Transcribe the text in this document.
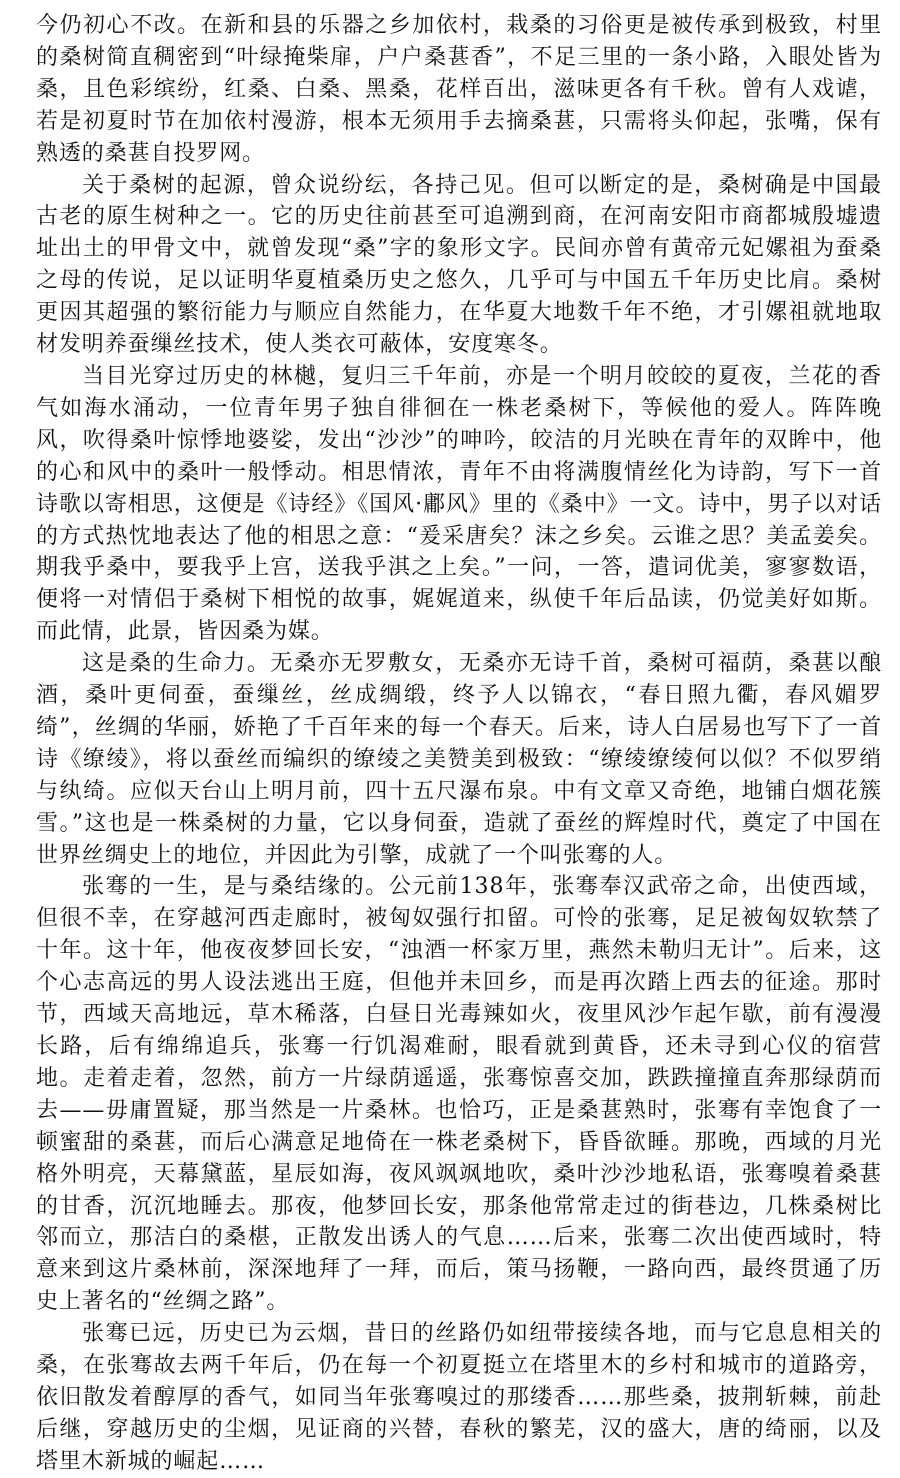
今仍初心不改。在新和县的乐器之乡加依村，栽桑的习俗更是被传承到极致，村里的桑树简直稠密到“叶绿掩柴扉，户户桑葚香”，不足三里的一条小路，入眼处皆为桑，且色彩缤纷，红桑、白桑、黑桑，花样百出，滋味更各有千秋。曾有人戏谑，若是初夏时节在加依村漫游，根本无须用手去摘桑葚，只需将头仰起，张嘴，保有熟透的桑葚自投罗网。

关于桑树的起源，曾众说纷纭，各持己见。但可以断定的是，桑树确是中国最古老的原生树种之一。它的历史往前甚至可追溯到商，在河南安阳市商都城殷墟遗址出土的甲骨文中，就曾发现“桑”字的象形文字。民间亦曾有黄帝元妃嫘祖为蚕桑之母的传说，足以证明华夏植桑历史之悠久，几乎可与中国五千年历史比肩。桑树更因其超强的繁衍能力与顺应自然能力，在华夏大地数千年不绝，才引嫘祖就地取材发明养蚕缫丝技术，使人类衣可蔽体，安度寒冬。

当目光穿过历史的林樾，复归三千年前，亦是一个明月皎皎的夏夜，兰花的香气如海水涌动，一位青年男子独自徘徊在一株老桑树下，等候他的爱人。阵阵晚风，吹得桑叶惊悸地婆娑，发出“沙沙”的呻吟，皎洁的月光映在青年的双眸中，他的心和风中的桑叶一般悸动。相思情浓，青年不由将满腹情丝化为诗韵，写下一首诗歌以寄相思，这便是《诗经》《国风·鄘风》里的《桑中》一文。诗中，男子以对话的方式热忱地表达了他的相思之意：“爰采唐矣？沫之乡矣。云谁之思？美孟姜矣。期我乎桑中，要我乎上宫，送我乎淇之上矣。”一问，一答，遣词优美，寥寥数语，便将一对情侣于桑树下相悦的故事，娓娓道来，纵使千年后品读，仍觉美好如斯。而此情，此景，皆因桑为媒。

这是桑的生命力。无桑亦无罗敷女，无桑亦无诗千首，桑树可福荫，桑葚以酿酒，桑叶更伺蚕，蚕缫丝，丝成绸缎，终予人以锦衣，“春日照九衢，春风媚罗绮”，丝绸的华丽，娇艳了千百年来的每一个春天。后来，诗人白居易也写下了一首诗《缭绫》，将以蚕丝而编织的缭绫之美赞美到极致：“缭绫缭绫何以似？不似罗绡与纨绮。应似天台山上明月前，四十五尺瀑布泉。中有文章又奇绝，地铺白烟花簇雪。”这也是一株桑树的力量，它以身伺蚕，造就了蚕丝的辉煌时代，奠定了中国在世界丝绸史上的地位，并因此为引擎，成就了一个叫张骞的人。

张骞的一生，是与桑结缘的。公元前138年，张骞奉汉武帝之命，出使西域，但很不幸，在穿越河西走廊时，被匈奴强行扣留。可怜的张骞，足足被匈奴软禁了十年。这十年，他夜夜梦回长安，“浊酒一杯家万里，燕然未勒归无计”。后来，这个心志高远的男人设法逃出王庭，但他并未回乡，而是再次踏上西去的征途。那时节，西域天高地远，草木稀落，白昼日光毒辣如火，夜里风沙乍起乍歇，前有漫漫长路，后有绵绵追兵，张骞一行饥渴难耐，眼看就到黄昏，还未寻到心仪的宿营地。走着走着，忽然，前方一片绿荫遥遥，张骞惊喜交加，跌跌撞撞直奔那绿荫而去——毋庸置疑，那当然是一片桑林。也恰巧，正是桑葚熟时，张骞有幸饱食了一顿蜜甜的桑葚，而后心满意足地倚在一株老桑树下，昏昏欲睡。那晚，西域的月光格外明亮，天幕黛蓝，星辰如海，夜风飒飒地吹，桑叶沙沙地私语，张骞嗅着桑葚的甘香，沉沉地睡去。那夜，他梦回长安，那条他常常走过的街巷边，几株桑树比邻而立，那洁白的桑椹，正散发出诱人的气息……后来，张骞二次出使西域时，特意来到这片桑林前，深深地拜了一拜，而后，策马扬鞭，一路向西，最终贯通了历史上著名的“丝绸之路”。

张骞已远，历史已为云烟，昔日的丝路仍如纽带接续各地，而与它息息相关的桑，在张骞故去两千年后，仍在每一个初夏挺立在塔里木的乡村和城市的道路旁，依旧散发着醇厚的香气，如同当年张骞嗅过的那缕香……那些桑，披荆斩棘，前赴后继，穿越历史的尘烟，见证商的兴替，春秋的繁芜，汉的盛大，唐的绮丽，以及塔里木新城的崛起……
